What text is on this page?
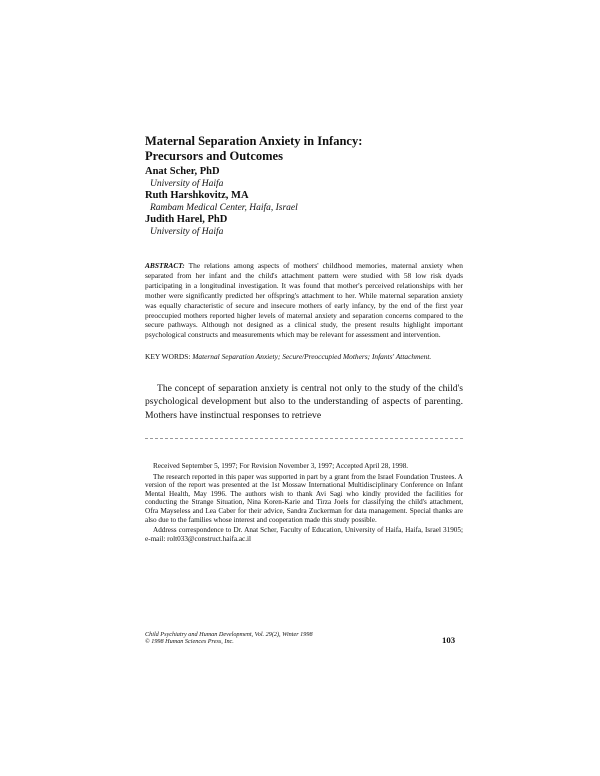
Maternal Separation Anxiety in Infancy:
Precursors and Outcomes
Anat Scher, PhD
University of Haifa
Ruth Harshkovitz, MA
Rambam Medical Center, Haifa, Israel
Judith Harel, PhD
University of Haifa

ABSTRACT: The relations among aspects of mothers' childhood memories, maternal anxiety when separated from her infant and the child's attachment pattern were studied with 58 low risk dyads participating in a longitudinal investigation. It was found that mother's perceived relationships with her mother were significantly predicted her offspring's attachment to her. While maternal separation anxiety was equally characteristic of secure and insecure mothers of early infancy, by the end of the first year preoccupied mothers reported higher levels of maternal anxiety and separation concerns compared to the secure pathways. Although not designed as a clinical study, the present results highlight important psychological constructs and measurements which may be relevant for assessment and intervention.

KEY WORDS: Maternal Separation Anxiety; Secure/Preoccupied Mothers; Infants' Attachment.

The concept of separation anxiety is central not only to the study of the child's psychological development but also to the understanding of aspects of parenting. Mothers have instinctual responses to retrieve

Received September 5, 1997; For Revision November 3, 1997; Accepted April 28, 1998.

The research reported in this paper was supported in part by a grant from the Israel Foundation Trustees. A version of the report was presented at the 1st Mossaw International Multidisciplinary Conference on Infant Mental Health, May 1996. The authors wish to thank Avi Sagi who kindly provided the facilities for conducting the Strange Situation, Nina Koren-Karie and Tirza Joels for classifying the child's attachment, Ofra Mayseless and Lea Caber for their advice, Sandra Zuckerman for data management. Special thanks are also due to the families whose interest and cooperation made this study possible.

Address correspondence to Dr. Anat Scher, Faculty of Education, University of Haifa, Haifa, Israel 31905; e-mail: rolt033@construct.haifa.ac.il

Child Psychiatry and Human Development, Vol. 29(2), Winter 1998
© 1998 Human Sciences Press, Inc.	103
